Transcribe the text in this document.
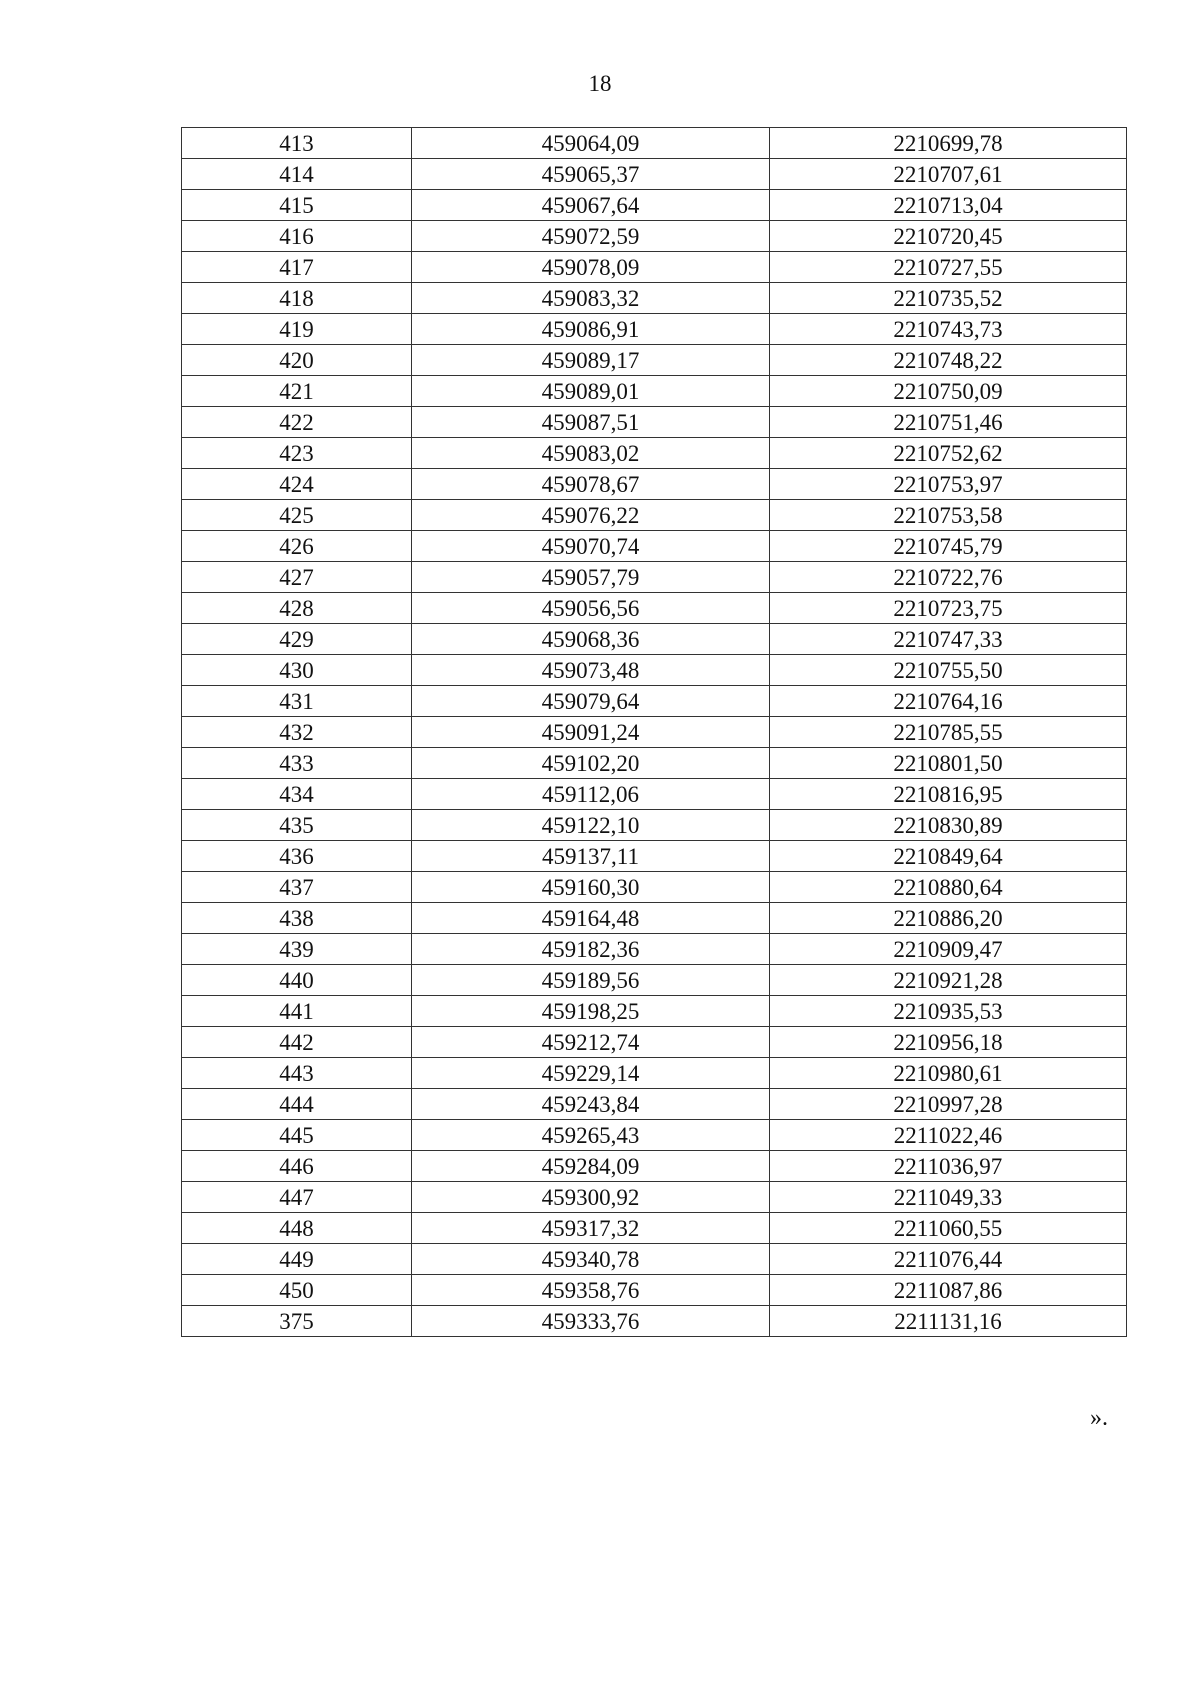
18
413	459064,09	2210699,78
414	459065,37	2210707,61
415	459067,64	2210713,04
416	459072,59	2210720,45
417	459078,09	2210727,55
418	459083,32	2210735,52
419	459086,91	2210743,73
420	459089,17	2210748,22
421	459089,01	2210750,09
422	459087,51	2210751,46
423	459083,02	2210752,62
424	459078,67	2210753,97
425	459076,22	2210753,58
426	459070,74	2210745,79
427	459057,79	2210722,76
428	459056,56	2210723,75
429	459068,36	2210747,33
430	459073,48	2210755,50
431	459079,64	2210764,16
432	459091,24	2210785,55
433	459102,20	2210801,50
434	459112,06	2210816,95
435	459122,10	2210830,89
436	459137,11	2210849,64
437	459160,30	2210880,64
438	459164,48	2210886,20
439	459182,36	2210909,47
440	459189,56	2210921,28
441	459198,25	2210935,53
442	459212,74	2210956,18
443	459229,14	2210980,61
444	459243,84	2210997,28
445	459265,43	2211022,46
446	459284,09	2211036,97
447	459300,92	2211049,33
448	459317,32	2211060,55
449	459340,78	2211076,44
450	459358,76	2211087,86
375	459333,76	2211131,16
».
